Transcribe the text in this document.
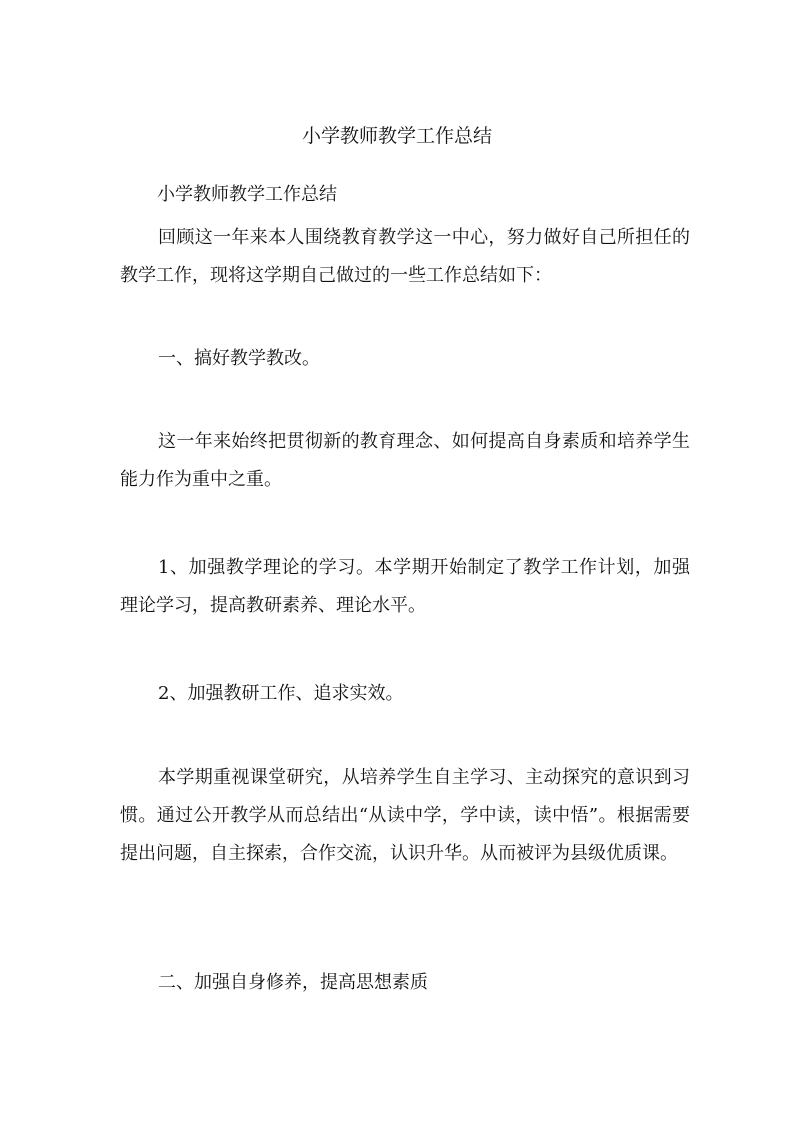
小学教师教学工作总结
小学教师教学工作总结

回顾这一年来本人围绕教育教学这一中心，努力做好自己所担任的教学工作，现将这学期自己做过的一些工作总结如下：

一、搞好教学教改。

这一年来始终把贯彻新的教育理念、如何提高自身素质和培养学生能力作为重中之重。

1、加强教学理论的学习。本学期开始制定了教学工作计划，加强理论学习，提高教研素养、理论水平。

2、加强教研工作、追求实效。

本学期重视课堂研究，从培养学生自主学习、主动探究的意识到习惯。通过公开教学从而总结出“从读中学，学中读，读中悟”。根据需要提出问题，自主探索，合作交流，认识升华。从而被评为县级优质课。

二、加强自身修养，提高思想素质
